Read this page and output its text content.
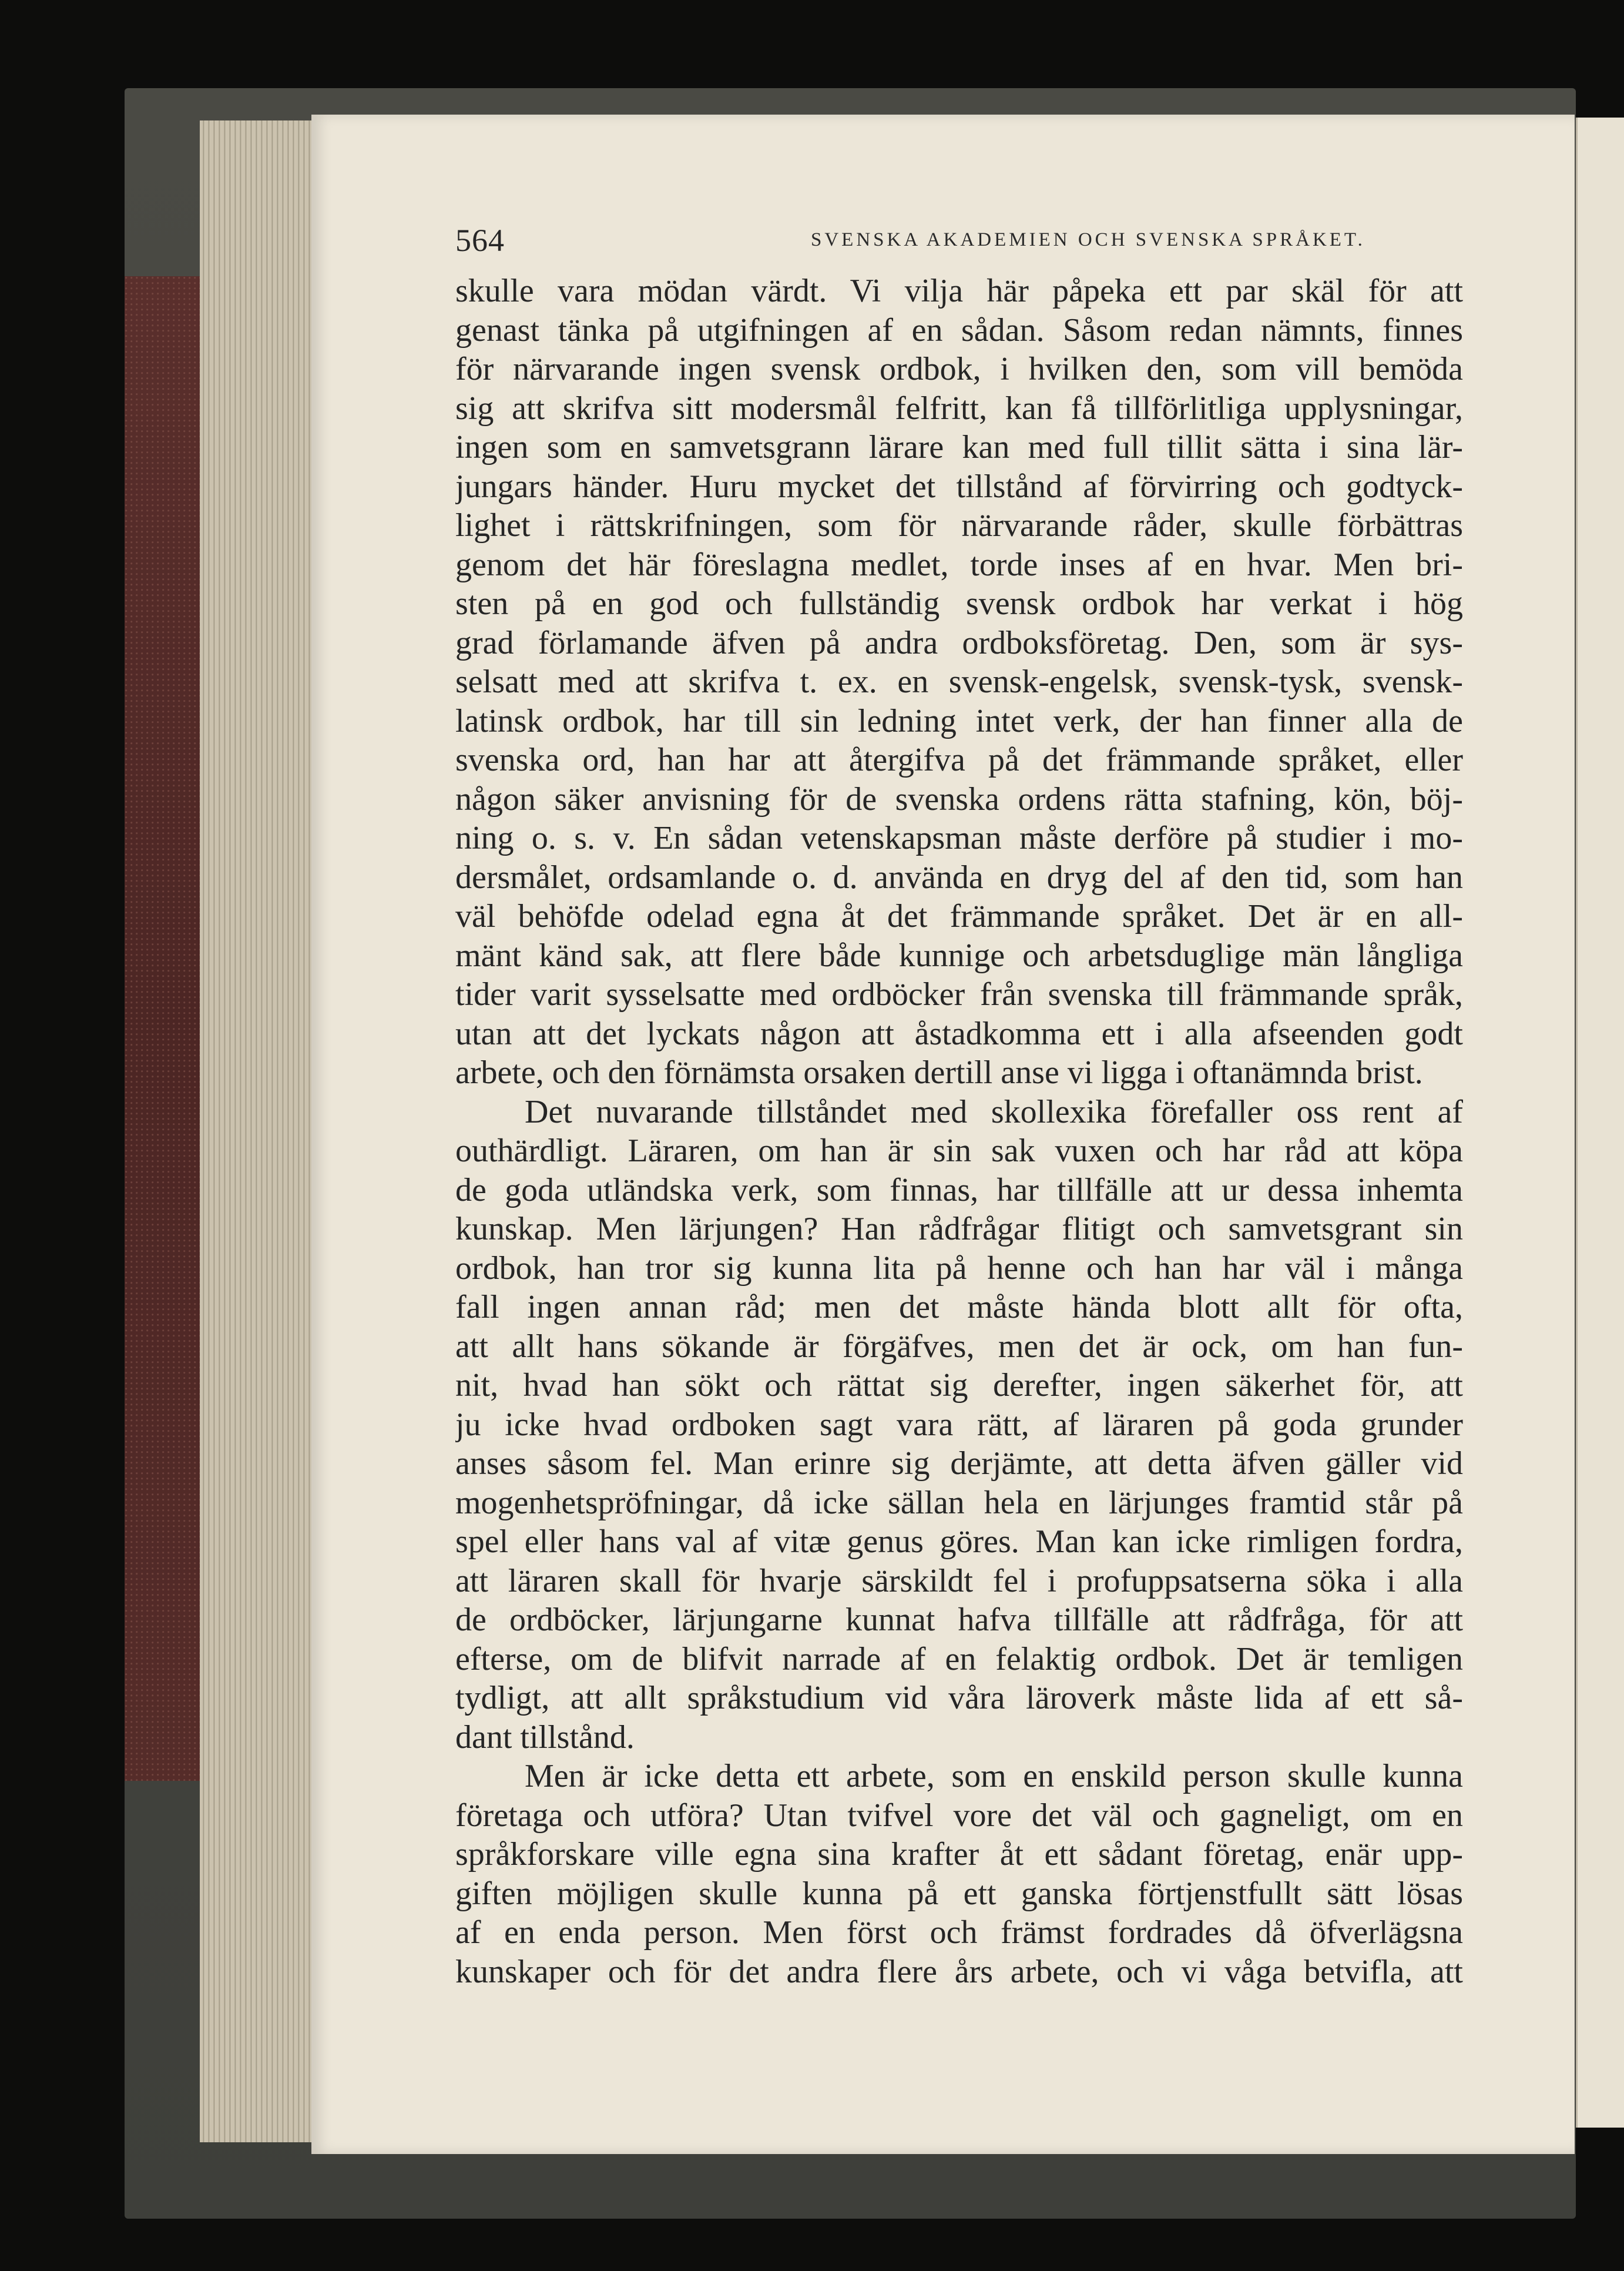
564	SVENSKA AKADEMIEN OCH SVENSKA SPRÅKET.
skulle vara mödan värdt. Vi vilja här påpeka ett par skäl för att
genast tänka på utgifningen af en sådan. Såsom redan nämnts, finnes
för närvarande ingen svensk ordbok, i hvilken den, som vill bemöda
sig att skrifva sitt modersmål felfritt, kan få tillförlitliga upplysningar,
ingen som en samvetsgrann lärare kan med full tillit sätta i sina lär-
jungars händer. Huru mycket det tillstånd af förvirring och godtyck-
lighet i rättskrifningen, som för närvarande råder, skulle förbättras
genom det här föreslagna medlet, torde inses af en hvar. Men bri-
sten på en god och fullständig svensk ordbok har verkat i hög
grad förlamande äfven på andra ordboksföretag. Den, som är sys-
selsatt med att skrifva t. ex. en svensk-engelsk, svensk-tysk, svensk-
latinsk ordbok, har till sin ledning intet verk, der han finner alla de
svenska ord, han har att återgifva på det främmande språket, eller
någon säker anvisning för de svenska ordens rätta stafning, kön, böj-
ning o. s. v. En sådan vetenskapsman måste derföre på studier i mo-
dersmålet, ordsamlande o. d. använda en dryg del af den tid, som han
väl behöfde odelad egna åt det främmande språket. Det är en all-
mänt känd sak, att flere både kunnige och arbetsduglige män långliga
tider varit sysselsatte med ordböcker från svenska till främmande språk,
utan att det lyckats någon att åstadkomma ett i alla afseenden godt
arbete, och den förnämsta orsaken dertill anse vi ligga i oftanämnda brist.
Det nuvarande tillståndet med skollexika förefaller oss rent af
outhärdligt. Läraren, om han är sin sak vuxen och har råd att köpa
de goda utländska verk, som finnas, har tillfälle att ur dessa inhemta
kunskap. Men lärjungen? Han rådfrågar flitigt och samvetsgrant sin
ordbok, han tror sig kunna lita på henne och han har väl i många
fall ingen annan råd; men det måste hända blott allt för ofta,
att allt hans sökande är förgäfves, men det är ock, om han fun-
nit, hvad han sökt och rättat sig derefter, ingen säkerhet för, att
ju icke hvad ordboken sagt vara rätt, af läraren på goda grunder
anses såsom fel. Man erinre sig derjämte, att detta äfven gäller vid
mogenhetspröfningar, då icke sällan hela en lärjunges framtid står på
spel eller hans val af vitæ genus göres. Man kan icke rimligen fordra,
att läraren skall för hvarje särskildt fel i profuppsatserna söka i alla
de ordböcker, lärjungarne kunnat hafva tillfälle att rådfråga, för att
efterse, om de blifvit narrade af en felaktig ordbok. Det är temligen
tydligt, att allt språkstudium vid våra läroverk måste lida af ett så-
dant tillstånd.
Men är icke detta ett arbete, som en enskild person skulle kunna
företaga och utföra? Utan tvifvel vore det väl och gagneligt, om en
språkforskare ville egna sina krafter åt ett sådant företag, enär upp-
giften möjligen skulle kunna på ett ganska förtjenstfullt sätt lösas
af en enda person. Men först och främst fordrades då öfverlägsna
kunskaper och för det andra flere års arbete, och vi våga betvifla, att
